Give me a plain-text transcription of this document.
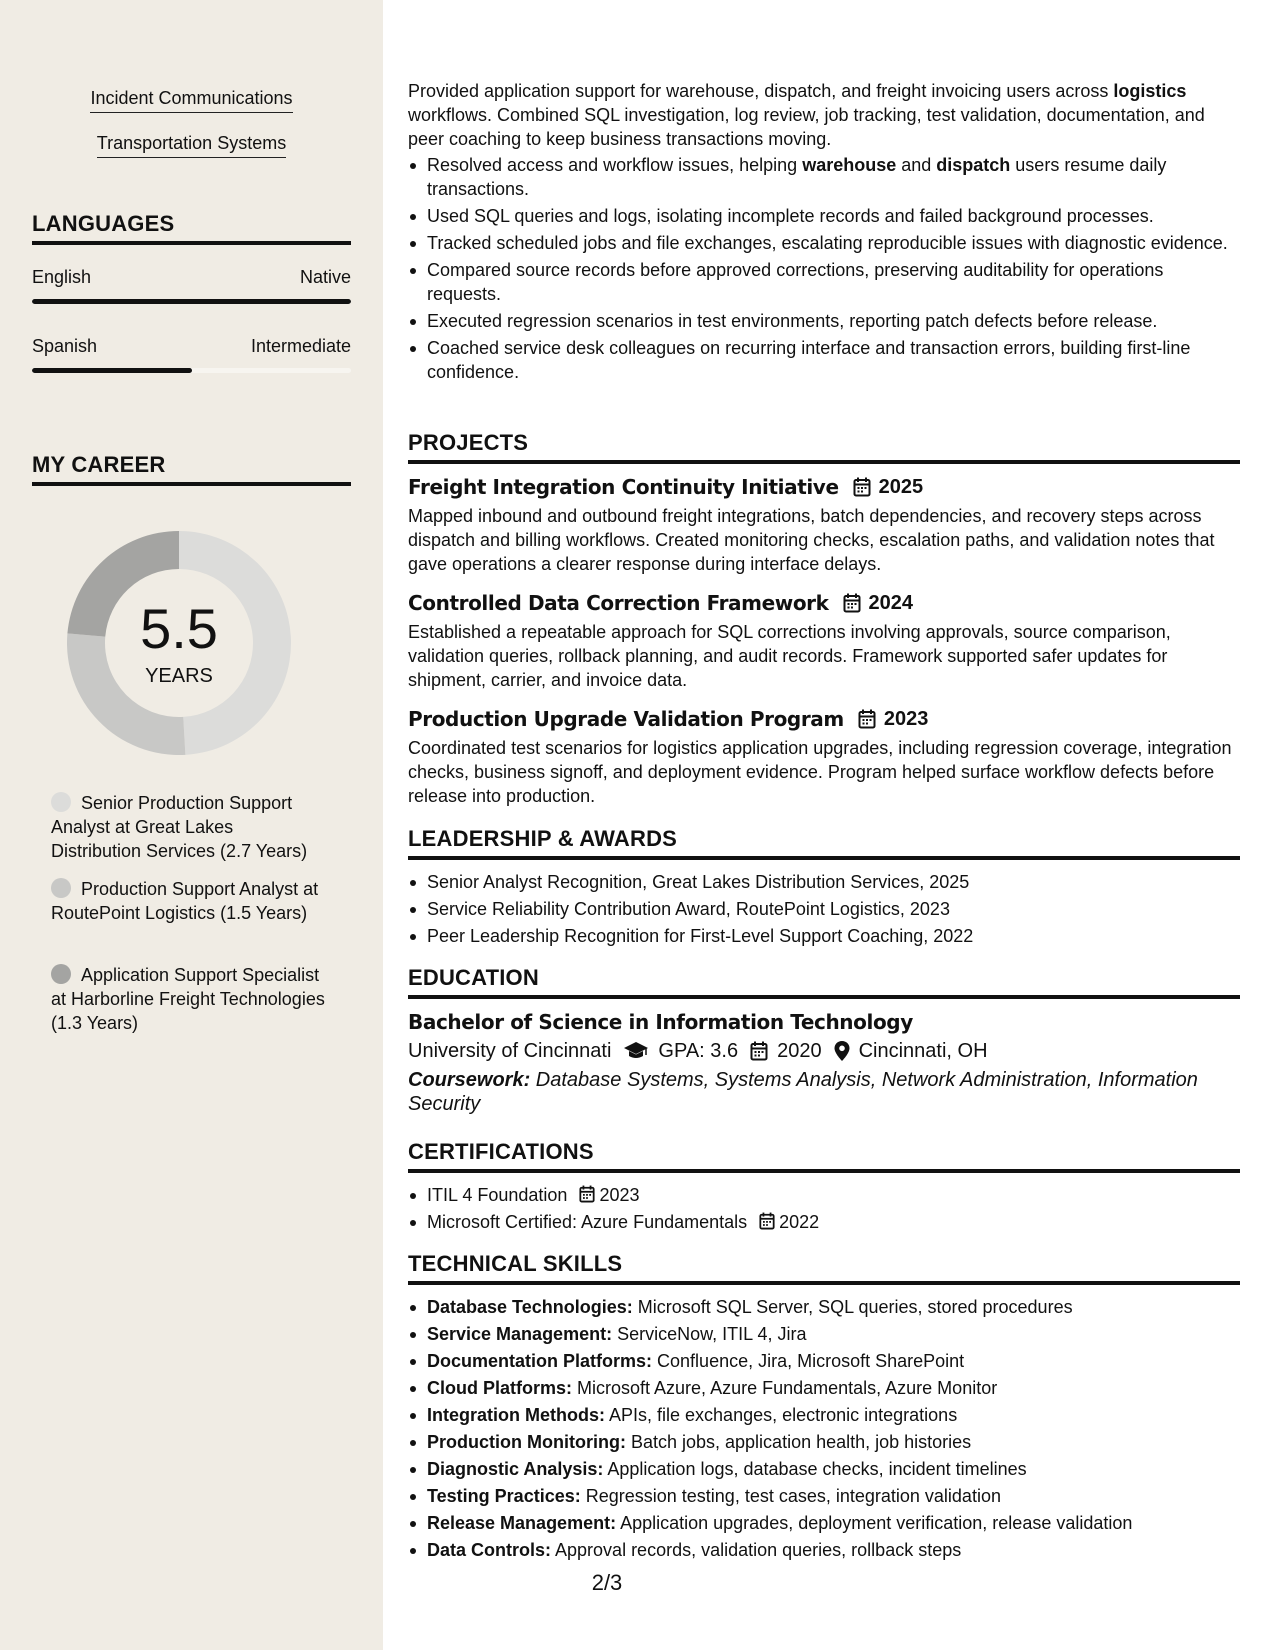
Incident Communications
Transportation Systems
LANGUAGES
English	Native
Spanish	Intermediate
MY CAREER
5.5
YEARS
Senior Production Support Analyst at Great Lakes Distribution Services (2.7 Years)
Production Support Analyst at RoutePoint Logistics (1.5 Years)
Application Support Specialist at Harborline Freight Technologies (1.3 Years)

Provided application support for warehouse, dispatch, and freight invoicing users across logistics workflows. Combined SQL investigation, log review, job tracking, test validation, documentation, and peer coaching to keep business transactions moving.

Resolved access and workflow issues, helping warehouse and dispatch users resume daily transactions.
Used SQL queries and logs, isolating incomplete records and failed background processes.
Tracked scheduled jobs and file exchanges, escalating reproducible issues with diagnostic evidence.
Compared source records before approved corrections, preserving auditability for operations requests.
Executed regression scenarios in test environments, reporting patch defects before release.
Coached service desk colleagues on recurring interface and transaction errors, building first-line confidence.
PROJECTS
Freight Integration Continuity Initiative 2025

Mapped inbound and outbound freight integrations, batch dependencies, and recovery steps across dispatch and billing workflows. Created monitoring checks, escalation paths, and validation notes that gave operations a clearer response during interface delays.

Controlled Data Correction Framework 2024

Established a repeatable approach for SQL corrections involving approvals, source comparison, validation queries, rollback planning, and audit records. Framework supported safer updates for shipment, carrier, and invoice data.

Production Upgrade Validation Program 2023

Coordinated test scenarios for logistics application upgrades, including regression coverage, integration checks, business signoff, and deployment evidence. Program helped surface workflow defects before release into production.

LEADERSHIP & AWARDS
Senior Analyst Recognition, Great Lakes Distribution Services, 2025
Service Reliability Contribution Award, RoutePoint Logistics, 2023
Peer Leadership Recognition for First-Level Support Coaching, 2022
EDUCATION
Bachelor of Science in Information Technology
University of Cincinnati GPA: 3.6 2020 Cincinnati, OH

Coursework: Database Systems, Systems Analysis, Network Administration, Information Security

CERTIFICATIONS
ITIL 4 Foundation 2023
Microsoft Certified: Azure Fundamentals 2022
TECHNICAL SKILLS
Database Technologies: Microsoft SQL Server, SQL queries, stored procedures
Service Management: ServiceNow, ITIL 4, Jira
Documentation Platforms: Confluence, Jira, Microsoft SharePoint
Cloud Platforms: Microsoft Azure, Azure Fundamentals, Azure Monitor
Integration Methods: APIs, file exchanges, electronic integrations
Production Monitoring: Batch jobs, application health, job histories
Diagnostic Analysis: Application logs, database checks, incident timelines
Testing Practices: Regression testing, test cases, integration validation
Release Management: Application upgrades, deployment verification, release validation
Data Controls: Approval records, validation queries, rollback steps
2/3
